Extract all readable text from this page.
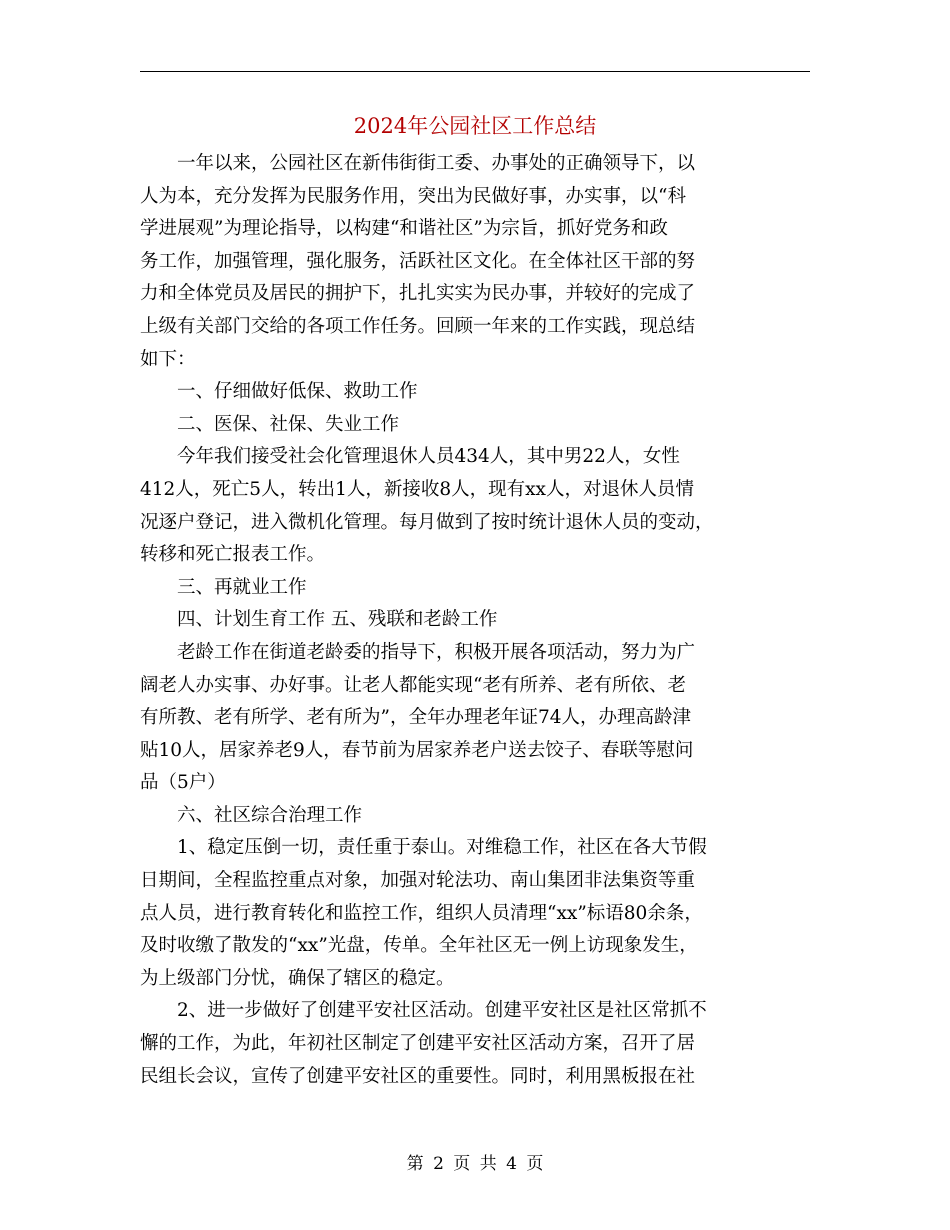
2024年公园社区工作总结
　　一年以来，公园社区在新伟街街工委、办事处的正确领导下，以
人为本，充分发挥为民服务作用，突出为民做好事，办实事，以“科
学进展观”为理论指导，以构建“和谐社区”为宗旨，抓好党务和政
务工作，加强管理，强化服务，活跃社区文化。在全体社区干部的努
力和全体党员及居民的拥护下，扎扎实实为民办事，并较好的完成了
上级有关部门交给的各项工作任务。回顾一年来的工作实践，现总结
如下：
　　一、仔细做好低保、救助工作
　　二、医保、社保、失业工作
　　今年我们接受社会化管理退休人员434人，其中男22人，女性
412人，死亡5人，转出1人，新接收8人，现有xx人，对退休人员情
况逐户登记，进入微机化管理。每月做到了按时统计退休人员的变动，
转移和死亡报表工作。
　　三、再就业工作
　　四、计划生育工作 五、残联和老龄工作
　　老龄工作在街道老龄委的指导下，积极开展各项活动，努力为广
阔老人办实事、办好事。让老人都能实现“老有所养、老有所依、老
有所教、老有所学、老有所为”，全年办理老年证74人，办理高龄津
贴10人，居家养老9人，春节前为居家养老户送去饺子、春联等慰问
品（5户）
　　六、社区综合治理工作
　　1、稳定压倒一切，责任重于泰山。对维稳工作，社区在各大节假
日期间，全程监控重点对象，加强对轮法功、南山集团非法集资等重
点人员，进行教育转化和监控工作，组织人员清理“xx”标语80余条，
及时收缴了散发的“xx”光盘，传单。全年社区无一例上访现象发生，
为上级部门分忧，确保了辖区的稳定。
　　2、进一步做好了创建平安社区活动。创建平安社区是社区常抓不
懈的工作，为此，年初社区制定了创建平安社区活动方案，召开了居
民组长会议，宣传了创建平安社区的重要性。同时，利用黑板报在社
第 2 页 共 4 页
